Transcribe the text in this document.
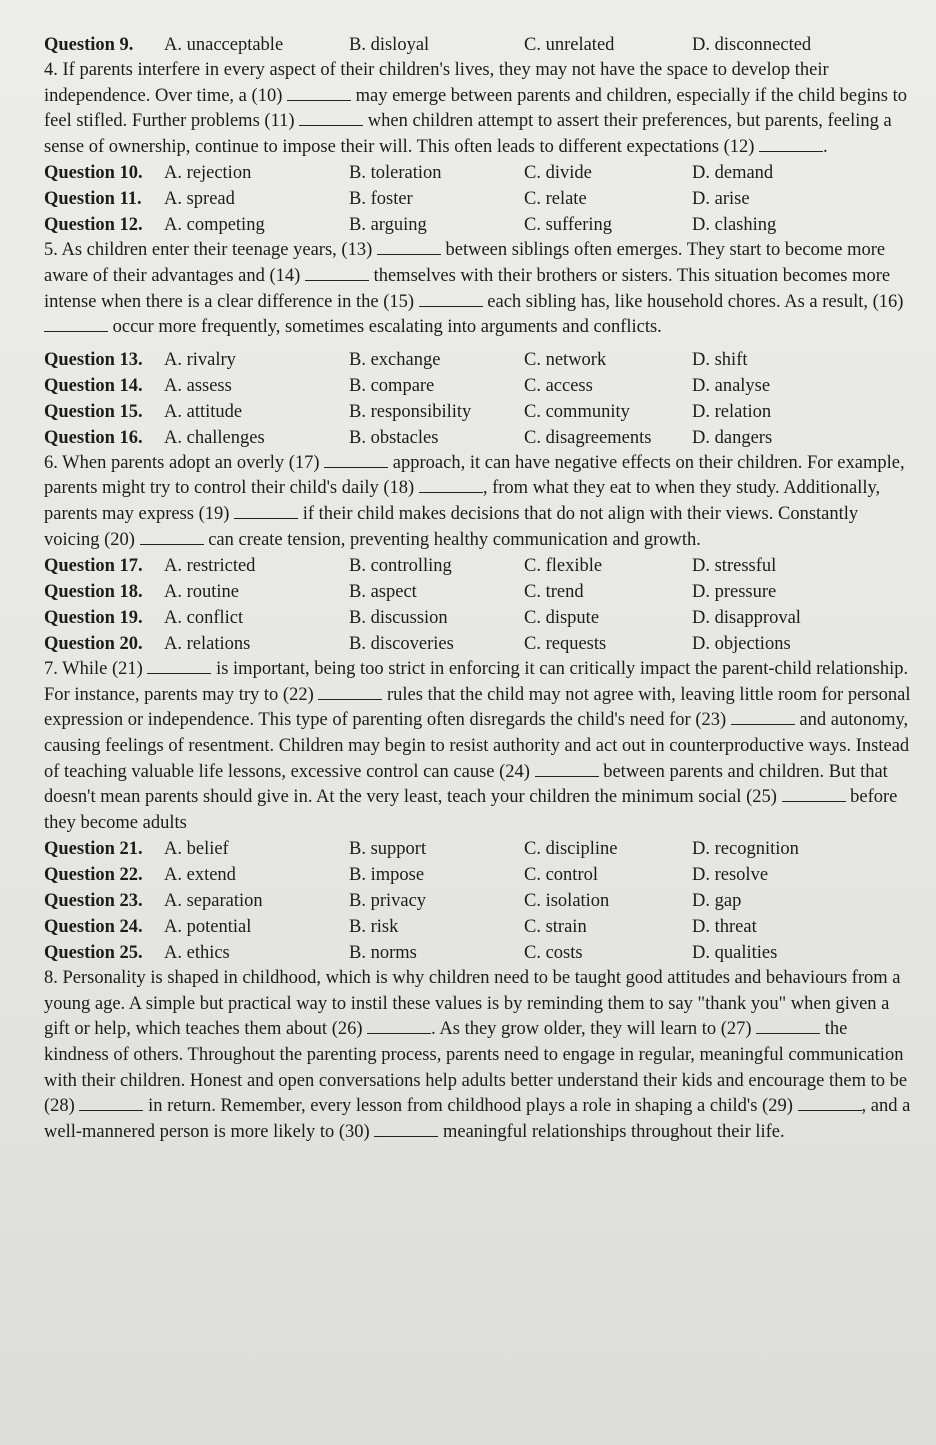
Question 9.	A. unacceptable	B. disloyal	C. unrelated	D. disconnected

4. If parents interfere in every aspect of their children's lives, they may not have the space to develop their independence. Over time, a (10)	may emerge between parents and children, especially if the child begins to feel stifled. Further problems (11)	when children attempt to assert their preferences, but parents, feeling a sense of ownership, continue to impose their will. This often leads to different expectations (12)	.

Question 10.	A. rejection	B. toleration	C. divide	D. demand
Question 11.	A. spread	B. foster	C. relate	D. arise
Question 12.	A. competing	B. arguing	C. suffering	D. clashing

5. As children enter their teenage years, (13)	between siblings often emerges. They start to become more aware of their advantages and (14)	themselves with their brothers or sisters. This situation becomes more intense when there is a clear difference in the (15)	each sibling has, like household chores. As a result, (16)  occur more frequently, sometimes escalating into arguments and conflicts.

Question 13.	A. rivalry	B. exchange	C. network	D. shift
Question 14.	A. assess	B. compare	C. access	D. analyse
Question 15.	A. attitude	B. responsibility	C. community	D. relation
Question 16.	A. challenges	B. obstacles	C. disagreements	D. dangers

6. When parents adopt an overly (17)	approach, it can have negative effects on their children. For example, parents might try to control their child's daily (18)	, from what they eat to when they study. Additionally, parents may express (19)	if their child makes decisions that do not align with their views. Constantly voicing (20)	can create tension, preventing healthy communication and growth.

Question 17.	A. restricted	B. controlling	C. flexible	D. stressful
Question 18.	A. routine	B. aspect	C. trend	D. pressure
Question 19.	A. conflict	B. discussion	C. dispute	D. disapproval
Question 20.	A. relations	B. discoveries	C. requests	D. objections

7. While (21)	is important, being too strict in enforcing it can critically impact the parent-child relationship. For instance, parents may try to (22)	rules that the child may not agree with, leaving little room for personal expression or independence. This type of parenting often disregards the child's need for (23)	and autonomy, causing feelings of resentment. Children may begin to resist authority and act out in counterproductive ways. Instead of teaching valuable life lessons, excessive control can cause (24)	between parents and children. But that doesn't mean parents should give in. At the very least, teach your children the minimum social (25)	before they become adults

Question 21.	A. belief	B. support	C. discipline	D. recognition
Question 22.	A. extend	B. impose	C. control	D. resolve
Question 23.	A. separation	B. privacy	C. isolation	D. gap
Question 24.	A. potential	B. risk	C. strain	D. threat
Question 25.	A. ethics	B. norms	C. costs	D. qualities

8. Personality is shaped in childhood, which is why children need to be taught good attitudes and behaviours from a young age. A simple but practical way to instil these values is by reminding them to say "thank you" when given a gift or help, which teaches them about (26)	. As they grow older, they will learn to (27)	the kindness of others. Throughout the parenting process, parents need to engage in regular, meaningful communication with their children. Honest and open conversations help adults better understand their kids and encourage them to be (28)	in return. Remember, every lesson from childhood plays a role in shaping a child's (29)	, and a well-mannered person is more likely to (30)	meaningful relationships throughout their life.
